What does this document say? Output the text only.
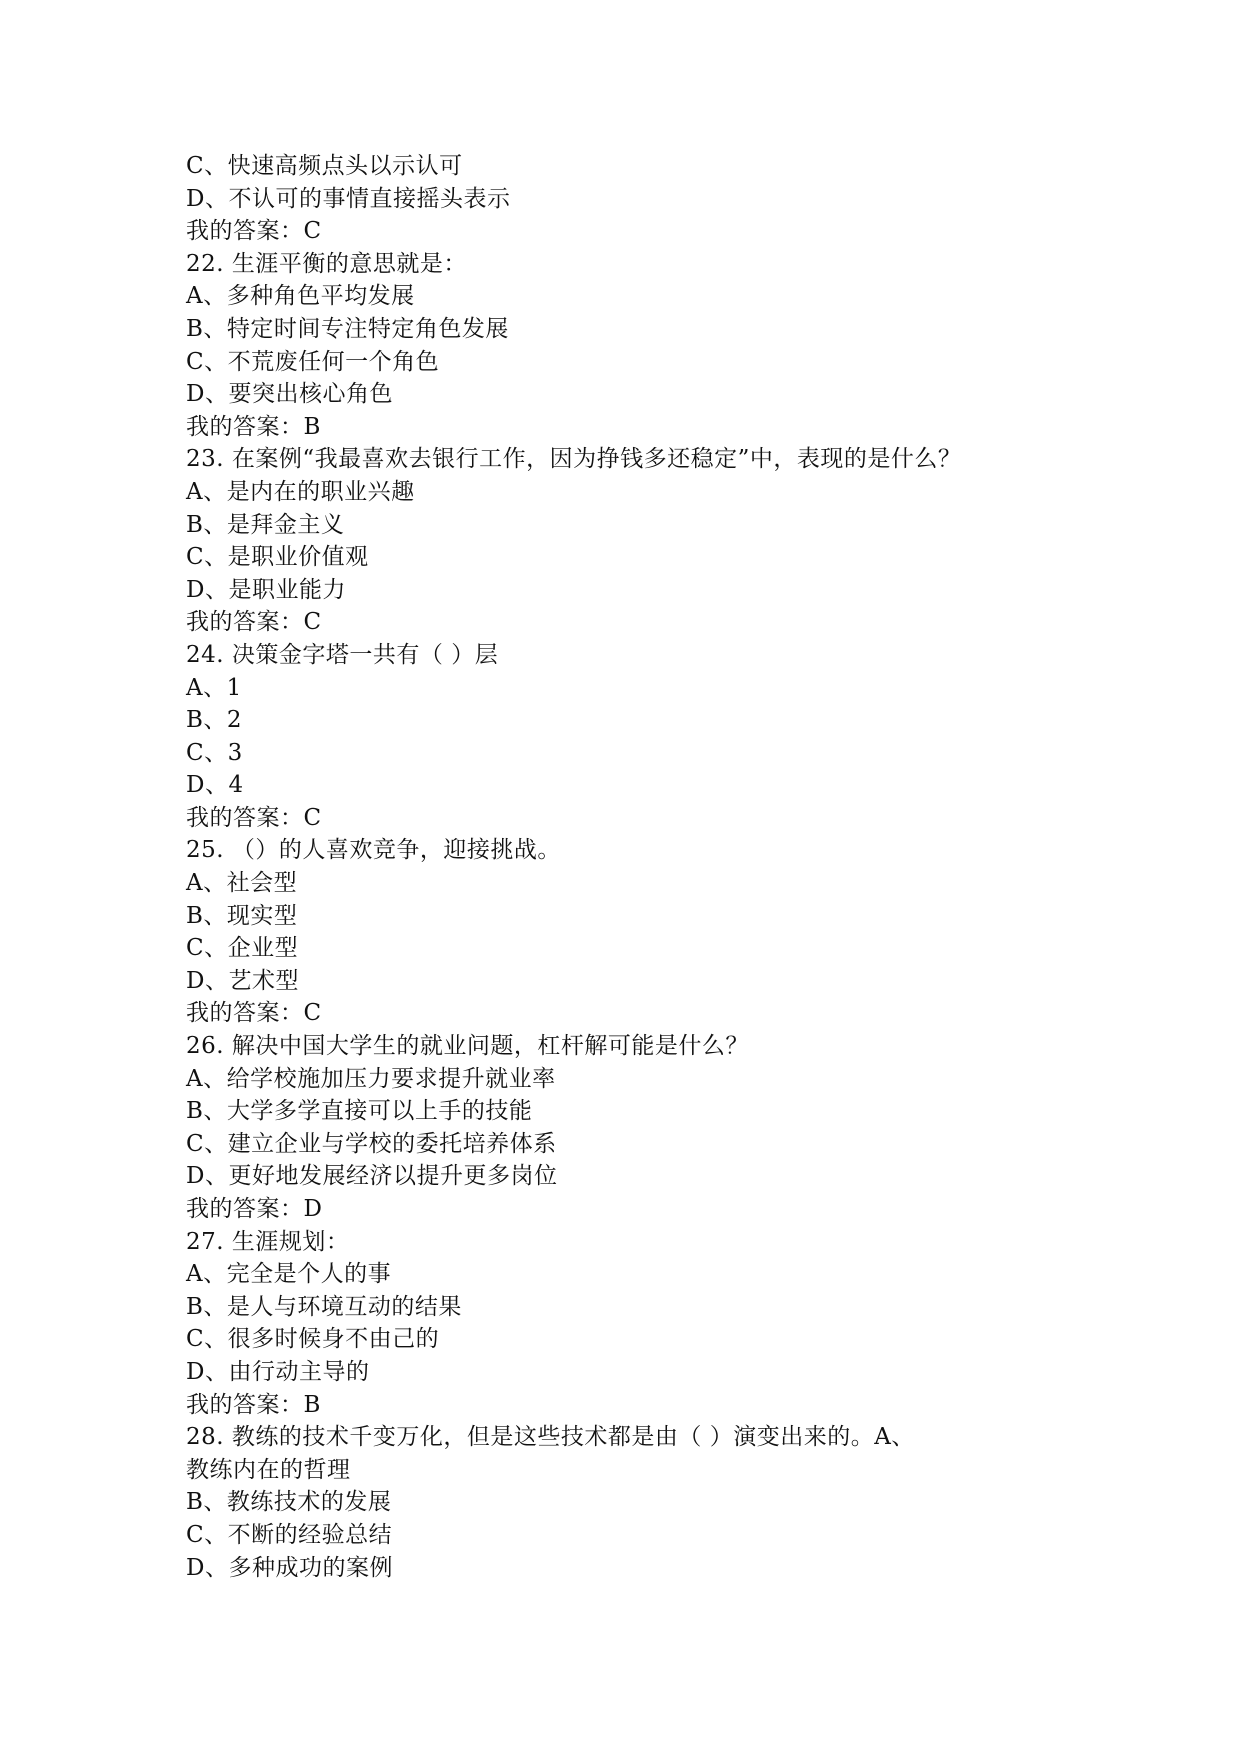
C、快速高频点头以示认可
D、不认可的事情直接摇头表示
我的答案：C
22. 生涯平衡的意思就是：
A、多种角色平均发展
B、特定时间专注特定角色发展
C、不荒废任何一个角色
D、要突出核心角色
我的答案：B
23. 在案例“我最喜欢去银行工作，因为挣钱多还稳定”中，表现的是什么？
A、是内在的职业兴趣
B、是拜金主义
C、是职业价值观
D、是职业能力
我的答案：C
24. 决策金字塔一共有（ ）层
A、1
B、2
C、3
D、4
我的答案：C
25. （）的人喜欢竞争，迎接挑战。
A、社会型
B、现实型
C、企业型
D、艺术型
我的答案：C
26. 解决中国大学生的就业问题，杠杆解可能是什么？
A、给学校施加压力要求提升就业率
B、大学多学直接可以上手的技能
C、建立企业与学校的委托培养体系
D、更好地发展经济以提升更多岗位
我的答案：D
27. 生涯规划：
A、完全是个人的事
B、是人与环境互动的结果
C、很多时候身不由己的
D、由行动主导的
我的答案：B
28. 教练的技术千变万化，但是这些技术都是由（ ）演变出来的。A、
教练内在的哲理
B、教练技术的发展
C、不断的经验总结
D、多种成功的案例
